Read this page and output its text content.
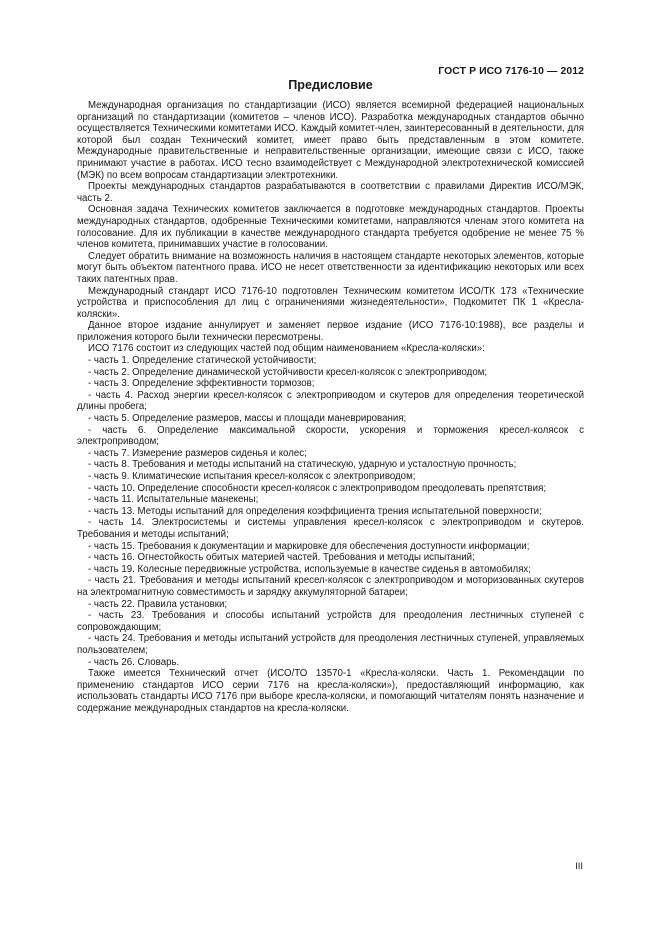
ГОСТ Р ИСО 7176-10 — 2012
Предисловие

Международная организация по стандартизации (ИСО) является всемирной федерацией национальных организаций по стандартизации (комитетов – членов ИСО). Разработка международных стандартов обычно осуществляется Техническими комитетами ИСО. Каждый комитет-член, заинтересованный в деятельности, для которой был создан Технический комитет, имеет право быть представленным в этом комитете. Международные правительственные и неправительственные организации, имеющие связи с ИСО, также принимают участие в работах. ИСО тесно взаимодействует с Международной электротехнической комиссией (МЭК) по всем вопросам стандартизации электротехники.

Проекты международных стандартов разрабатываются в соответствии с правилами Директив ИСО/МЭК, часть 2.

Основная задача Технических комитетов заключается в подготовке международных стандартов. Проекты международных стандартов, одобренные Техническими комитетами, направляются членам этого комитета на голосование. Для их публикации в качестве международного стандарта требуется одобрение не менее 75 % членов комитета, принимавших участие в голосовании.

Следует обратить внимание на возможность наличия в настоящем стандарте некоторых элементов, которые могут быть объектом патентного права. ИСО не несет ответственности за идентификацию некоторых или всех таких патентных прав.

Международный стандарт ИСО 7176-10 подготовлен Техническим комитетом ИСО/ТК 173 «Технические устройства и приспособления дл лиц с ограничениями жизнедеятельности», Подкомитет ПК 1 «Кресла-коляски».

Данное второе издание аннулирует и заменяет первое издание (ИСО 7176-10:1988), все разделы и приложения которого были технически пересмотрены.

ИСО 7176 состоит из следующих частей под общим наименованием «Кресла-коляски»:

- часть 1. Определение статической устойчивости;

- часть 2. Определение динамической устойчивости кресел-колясок с электроприводом;

- часть 3. Определение эффективности тормозов;

- часть 4. Расход энергии кресел-колясок с электроприводом и скутеров для определения теоретической длины пробега;

- часть 5. Определение размеров, массы и площади маневрирования;

- часть 6. Определение максимальной скорости, ускорения и торможения кресел-колясок с электроприводом;

- часть 7. Измерение размеров сиденья и колес;

- часть 8. Требования и методы испытаний на статическую, ударную и усталостную прочность;

- часть 9. Климатические испытания кресел-колясок с электроприводом;

- часть 10. Определение способности кресел-колясок с электроприводом преодолевать препятствия;

- часть 11. Испытательные манекены;

- часть 13. Методы испытаний для определения коэффициента трения испытательной поверхности;

- часть 14. Электросистемы и системы управления кресел-колясок с электроприводом и скутеров. Требования и методы испытаний;

- часть 15. Требования к документации и маркировке для обеспечения доступности информации;

- часть 16. Огнестойкость обитых материей частей. Требования и методы испытаний;

- часть 19. Колесные передвижные устройства, используемые в качестве сиденья в автомобилях;

- часть 21. Требования и методы испытаний кресел-колясок с электроприводом и моторизованных скутеров на электромагнитную совместимость и зарядку аккумуляторной батареи;

- часть 22. Правила установки;

- часть 23. Требования и способы испытаний устройств для преодоления лестничных ступеней с сопровождающим;

- часть 24. Требования и методы испытаний устройств для преодоления лестничных ступеней, управляемых пользователем;

- часть 26. Словарь.

Также имеется Технический отчет (ИСО/ТО 13570-1 «Кресла-коляски. Часть 1. Рекомендации по применению стандартов ИСО серии 7176 на кресла-коляски»), предоставляющий информацию, как использовать стандарты ИСО 7176 при выборе кресла-коляски, и помогающий читателям понять назначение и содержание международных стандартов на кресла-коляски.

III
